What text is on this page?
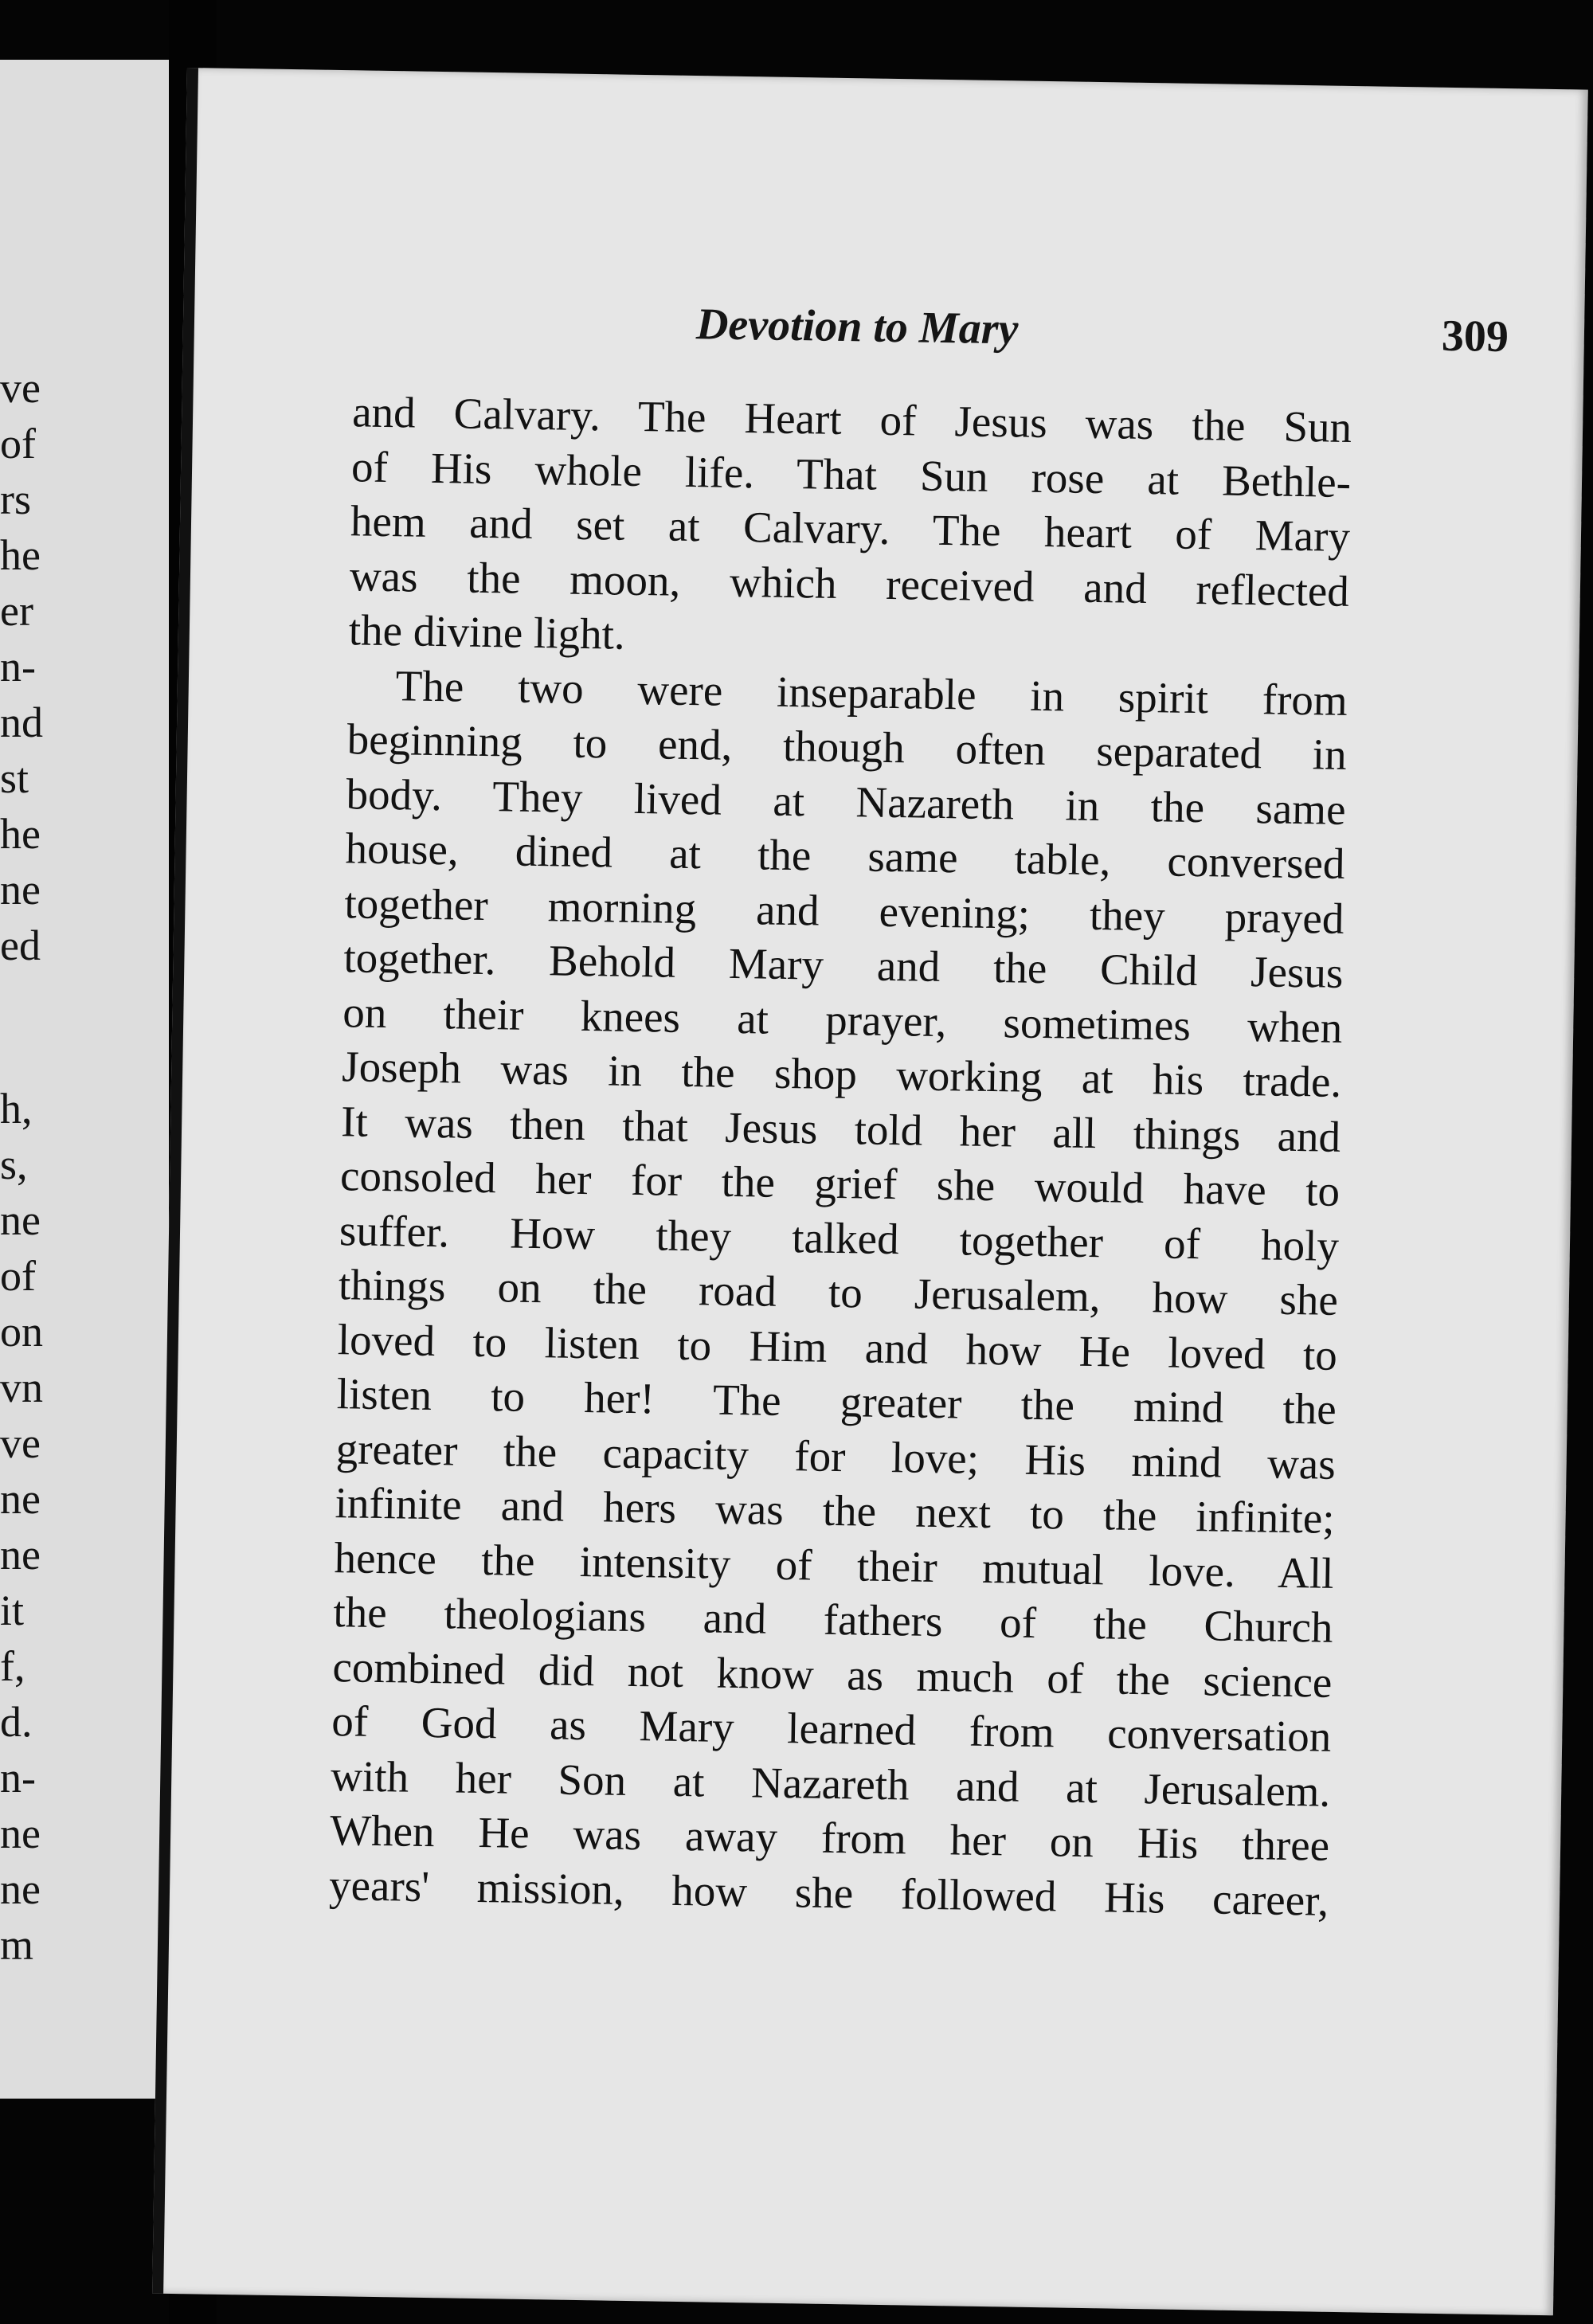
ve
of
rs
he
er
n-
nd
st
he
ne
ed
h,
s,
ne
of
on
vn
ve
ne
ne
it
f,
d.
n-
ne
ne
m
Devotion to Mary	309
and Calvary. The Heart of Jesus was the Sun
of His whole life. That Sun rose at Bethle-
hem and set at Calvary. The heart of Mary
was the moon, which received and reflected
the divine light.
The two were inseparable in spirit from
beginning to end, though often separated in
body. They lived at Nazareth in the same
house, dined at the same table, conversed
together morning and evening; they prayed
together. Behold Mary and the Child Jesus
on their knees at prayer, sometimes when
Joseph was in the shop working at his trade.
It was then that Jesus told her all things and
consoled her for the grief she would have to
suffer. How they talked together of holy
things on the road to Jerusalem, how she
loved to listen to Him and how He loved to
listen to her! The greater the mind the
greater the capacity for love; His mind was
infinite and hers was the next to the infinite;
hence the intensity of their mutual love. All
the theologians and fathers of the Church
combined did not know as much of the science
of God as Mary learned from conversation
with her Son at Nazareth and at Jerusalem.
When He was away from her on His three
years' mission, how she followed His career,
